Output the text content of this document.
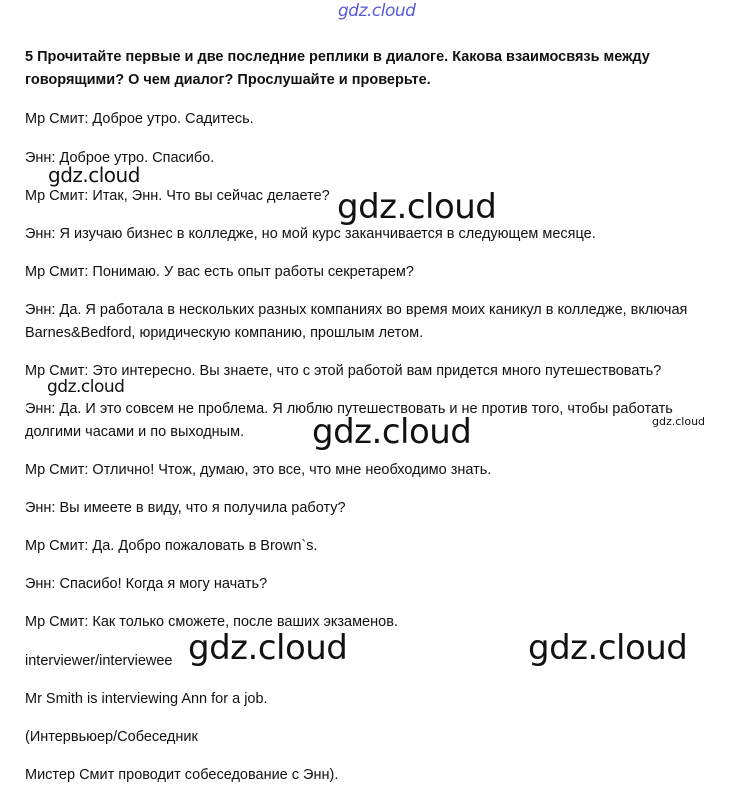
gdz.cloud
gdz.cloud
gdz.cloud
gdz.cloud
gdz.cloud
gdz.cloud
gdz.cloud	gdz.cloud
5 Прочитайте первые и две последние реплики в диалоге. Какова взаимосвязь между
говорящими? О чем диалог? Прослушайте и проверьте.
Мр Смит: Доброе утро. Садитесь.
Энн: Доброе утро. Спасибо.
Мр Смит: Итак, Энн. Что вы сейчас делаете?
Энн: Я изучаю бизнес в колледже, но мой курс заканчивается в следующем месяце.
Мр Смит: Понимаю. У вас есть опыт работы секретарем?
Энн: Да. Я работала в нескольких разных компаниях во время моих каникул в колледже, включая
Barnes&Bedford, юридическую компанию, прошлым летом.
Мр Смит: Это интересно. Вы знаете, что с этой работой вам придется много путешествовать?
Энн: Да. И это совсем не проблема. Я люблю путешествовать и не против того, чтобы работать
долгими часами и по выходным.
Мр Смит: Отлично! Чтож, думаю, это все, что мне необходимо знать.
Энн: Вы имеете в виду, что я получила работу?
Мр Смит: Да. Добро пожаловать в Brown`s.
Энн: Спасибо! Когда я могу начать?
Мр Смит: Как только сможете, после ваших экзаменов.
interviewer/interviewee
Mr Smith is interviewing Ann for a job.
(Интервьюер/Собеседник
Мистер Смит проводит собеседование с Энн).
